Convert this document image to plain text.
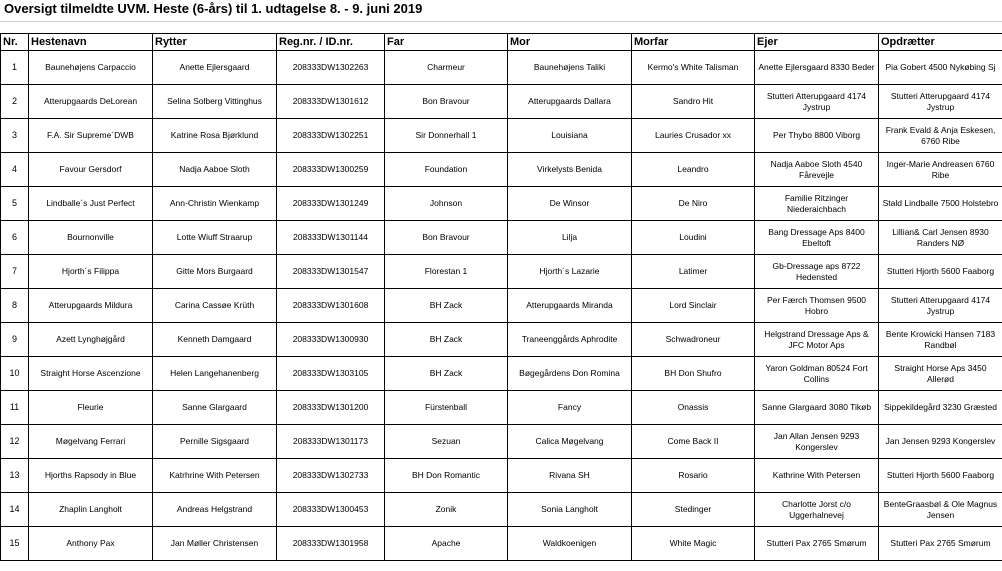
Oversigt tilmeldte UVM. Heste (6-års) til 1. udtagelse 8. - 9. juni 2019
Nr.	Hestenavn	Rytter	Reg.nr. / ID.nr.	Far	Mor	Morfar	Ejer	Opdrætter
1	Baunehøjens Carpaccio	Anette Ejlersgaard	208333DW1302263	Charmeur	Baunehøjens Taliki	Kermo's White Talisman	Anette Ejlersgaard 8330 Beder	Pia Gobert 4500 Nykøbing Sj
2	Atterupgaards DeLorean	Selina Solberg Vittinghus	208333DW1301612	Bon Bravour	Atterupgaards Dallara	Sandro Hit	Stutteri Atterupgaard 4174 Jystrup	Stutteri Atterupgaard 4174 Jystrup
3	F.A. Sir Supreme´DWB	Katrine Rosa Bjørklund	208333DW1302251	Sir Donnerhall 1	Louisiana	Lauries Crusador xx	Per Thybo 8800 Viborg	Frank Evald & Anja Eskesen, 6760 Ribe
4	Favour Gersdorf	Nadja Aaboe Sloth	208333DW1300259	Foundation	Virkelysts Benida	Leandro	Nadja Aaboe Sloth 4540 Fårevejle	Inger-Marie Andreasen 6760 Ribe
5	Lindballe´s Just Perfect	Ann-Christin Wienkamp	208333DW1301249	Johnson	De Winsor	De Niro	Familie Ritzinger Niederaichbach	Stald Lindballe 7500 Holstebro
6	Bournonville	Lotte Wiuff Straarup	208333DW1301144	Bon Bravour	Lilja	Loudini	Bang Dressage Aps 8400 Ebeltoft	Lillian& Carl Jensen 8930 Randers NØ
7	Hjorth´s Filippa	Gitte Mors Burgaard	208333DW1301547	Florestan 1	Hjorth´s Lazarie	Latimer	Gb-Dressage aps 8722 Hedensted	Stutteri Hjorth 5600 Faaborg
8	Atterupgaards Mildura	Carina Cassøe Krüth	208333DW1301608	BH Zack	Atterupgaards Miranda	Lord Sinclair	Per Færch Thomsen 9500 Hobro	Stutteri Atterupgaard 4174 Jystrup
9	Azett Lynghøjgård	Kenneth Damgaard	208333DW1300930	BH Zack	Traneenggårds Aphrodite	Schwadroneur	Helgstrand Dressage Aps & JFC Motor Aps	Bente Krowicki Hansen 7183 Randbøl
10	Straight Horse Ascenzione	Helen Langehanenberg	208333DW1303105	BH Zack	Bøgegårdens Don Romina	BH Don Shufro	Yaron Goldman 80524 Fort Collins	Straight Horse Aps 3450 Allerød
11	Fleurie	Sanne Glargaard	208333DW1301200	Fürstenball	Fancy	Onassis	Sanne Glargaard 3080 Tikøb	Sippekildegård 3230 Græsted
12	Møgelvang Ferrari	Pernille Sigsgaard	208333DW1301173	Sezuan	Calica Møgelvang	Come Back II	Jan Allan Jensen 9293 Kongerslev	Jan Jensen 9293 Kongerslev
13	Hjorths Rapsody in Blue	Katrhrine With Petersen	208333DW1302733	BH Don Romantic	Rivana SH	Rosario	Kathrine With Petersen	Stutteri Hjorth 5600 Faaborg
14	Zhaplin Langholt	Andreas Helgstrand	208333DW1300453	Zonik	Sonia Langholt	Stedinger	Charlotte Jorst c/o Uggerhalnevej	BenteGraasbøl & Ole Magnus Jensen
15	Anthony Pax	Jan Møller Christensen	208333DW1301958	Apache	Waldkoenigen	White Magic	Stutteri Pax 2765 Smørum	Stutteri Pax 2765 Smørum
